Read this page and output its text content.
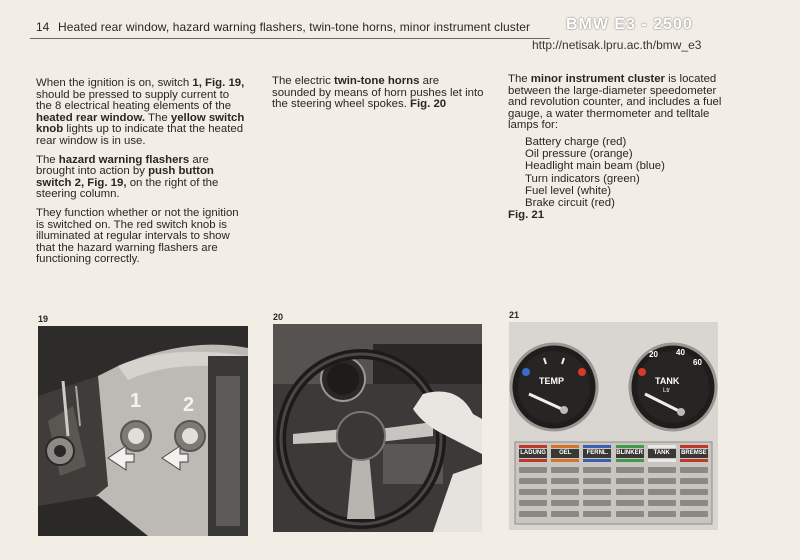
14 Heated rear window, hazard warning flashers, twin-tone horns, minor instrument cluster BMW E3 - 2500
http://netisak.lpru.ac.th/bmw_e3

When the ignition is on, switch 1, Fig. 19, should be pressed to supply current to the 8 electrical heating elements of the heated rear window. The yellow switch knob lights up to indicate that the heated rear window is in use.

The hazard warning flashers are brought into action by push button switch 2, Fig. 19, on the right of the steering column.

They function whether or not the ignition is switched on. The red switch knob is illuminated at regular intervals to show that the hazard warning flashers are functioning correctly.

The electric twin-tone horns are sounded by means of horn pushes let into the steering wheel spokes. Fig. 20

The minor instrument cluster is located between the large-diameter speedometer and revolution counter, and includes a fuel gauge, a water thermometer and telltale lamps for:

Battery charge (red)
Oil pressure (orange)
Headlight main beam (blue)
Turn indicators (green)
Fuel level (white)
Brake circuit (red)
Fig. 21
19
1 2
20	21
TEMP	TANK
Ltr
20 40
60
LADUNG	OEL	FERNL.	BLINKER	TANK	BREMSE
